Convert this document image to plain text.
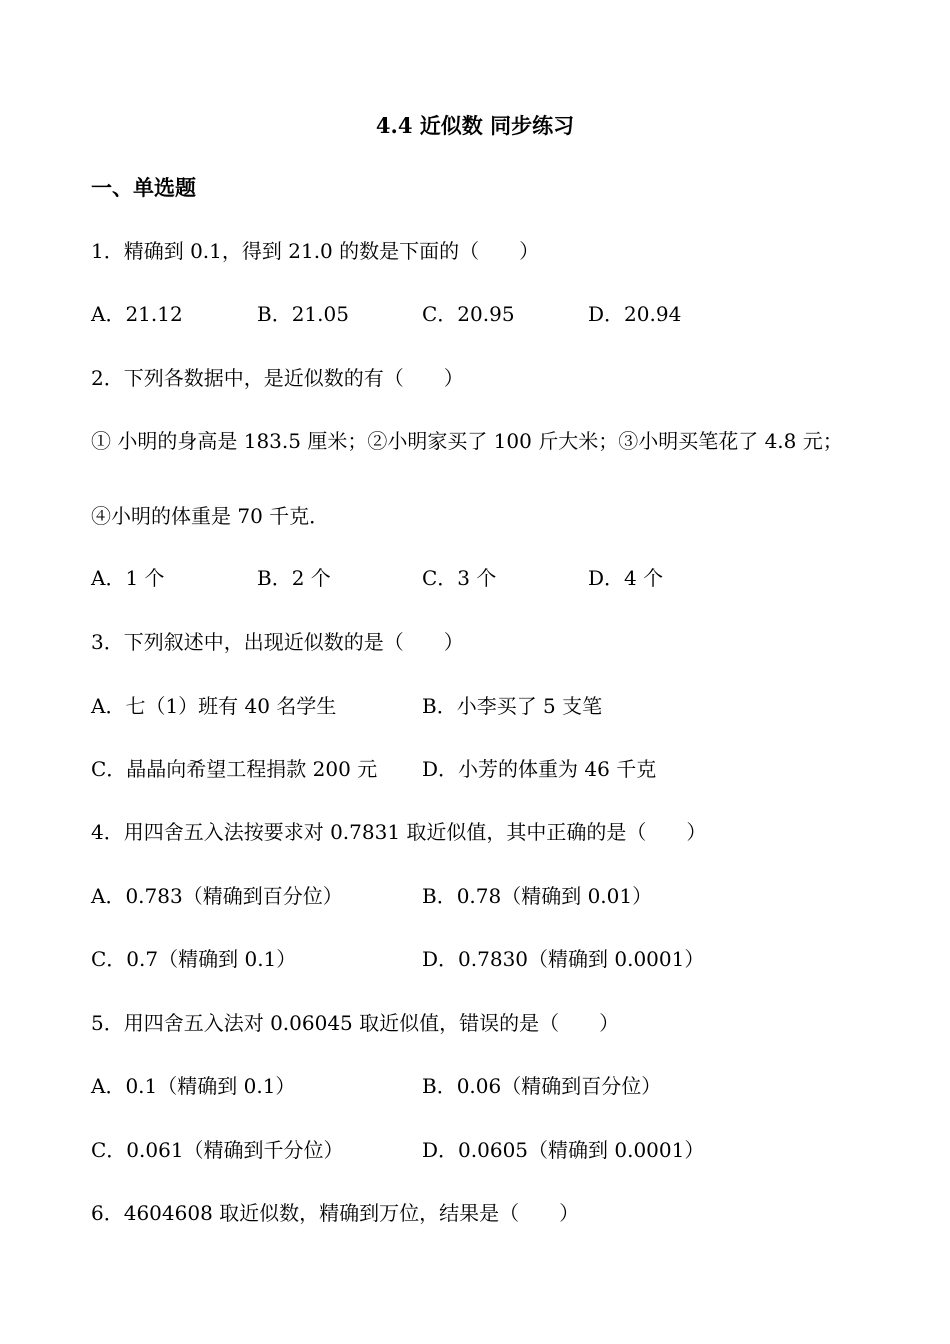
4.4 近似数 同步练习
一、单选题
1．精确到 0.1，得到 21.0 的数是下面的（　　）
A．21.12	B．21.05	C．20.95	D．20.94
2．下列各数据中，是近似数的有（　　）
① 小明的身高是 183.5 厘米；②小明家买了 100 斤大米；③小明买笔花了 4.8 元；
④小明的体重是 70 千克．
A．1 个	B．2 个	C．3 个	D．4 个
3．下列叙述中，出现近似数的是（　　）
A．七（1）班有 40 名学生	B．小李买了 5 支笔
C．晶晶向希望工程捐款 200 元 D．小芳的体重为 46 千克
4．用四舍五入法按要求对 0.7831 取近似值，其中正确的是（　　）
A．0.783（精确到百分位）	B．0.78（精确到 0.01）
C．0.7（精确到 0.1）	D．0.7830（精确到 0.0001）
5．用四舍五入法对 0.06045 取近似值，错误的是（　　）
A．0.1（精确到 0.1）	B．0.06（精确到百分位）
C．0.061（精确到千分位）	D．0.0605（精确到 0.0001）
6．4604608 取近似数，精确到万位，结果是（　　）
